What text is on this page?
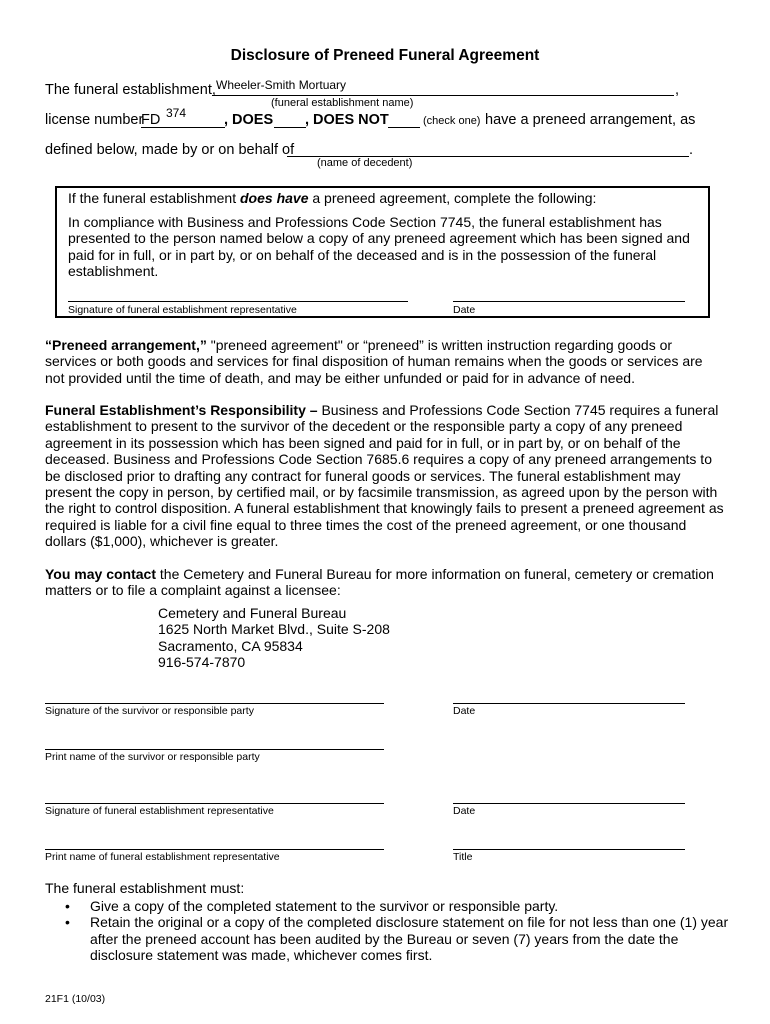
Disclosure of Preneed Funeral Agreement
The funeral establishment, Wheeler-Smith Mortuary	,
(funeral establishment name)
license number
FD 374	, DOES , DOES NOT	(check one) have a preneed arrangement, as
defined below, made by or on behalf of	.
(name of decedent)
If the funeral establishment does have a preneed agreement, complete the following:
In compliance with Business and Professions Code Section 7745, the funeral establishment has presented to the person named below a copy of any preneed agreement which has been signed and paid for in full, or in part by, or on behalf of the deceased and is in the possession of the funeral establishment.
Signature of funeral establishment representative	Date
“Preneed arrangement,” "preneed agreement" or “preneed” is written instruction regarding goods or services or both goods and services for final disposition of human remains when the goods or services are not provided until the time of death, and may be either unfunded or paid for in advance of need.
Funeral Establishment’s Responsibility – Business and Professions Code Section 7745 requires a funeral establishment to present to the survivor of the decedent or the responsible party a copy of any preneed agreement in its possession which has been signed and paid for in full, or in part by, or on behalf of the deceased. Business and Professions Code Section 7685.6 requires a copy of any preneed arrangements to be disclosed prior to drafting any contract for funeral goods or services. The funeral establishment may present the copy in person, by certified mail, or by facsimile transmission, as agreed upon by the person with the right to control disposition. A funeral establishment that knowingly fails to present a preneed agreement as required is liable for a civil fine equal to three times the cost of the preneed agreement, or one thousand dollars ($1,000), whichever is greater.
You may contact the Cemetery and Funeral Bureau for more information on funeral, cemetery or cremation matters or to file a complaint against a licensee:
Cemetery and Funeral Bureau
1625 North Market Blvd., Suite S-208
Sacramento, CA 95834
916-574-7870
Signature of the survivor or responsible party	Date
Print name of the survivor or responsible party
Signature of funeral establishment representative	Date
Print name of funeral establishment representative	Title
The funeral establishment must:
• Give a copy of the completed statement to the survivor or responsible party.
• Retain the original or a copy of the completed disclosure statement on file for not less than one (1) year after the preneed account has been audited by the Bureau or seven (7) years from the date the disclosure statement was made, whichever comes first.
21F1 (10/03)
